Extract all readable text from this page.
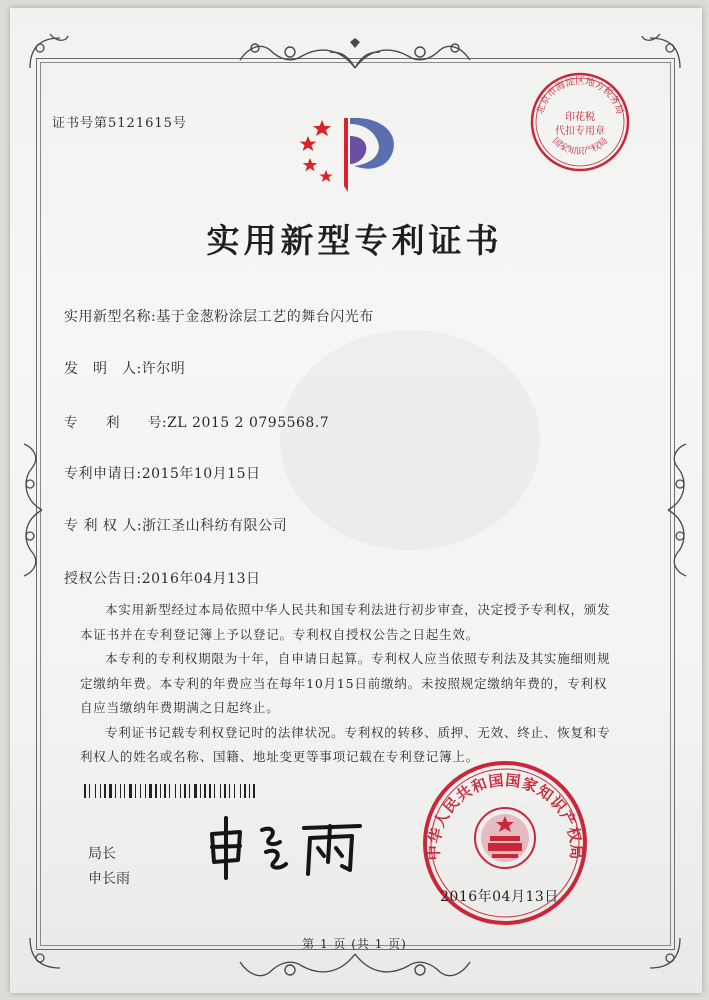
证书号第5121615号
北京市海淀区地方税务局
印花税
代扣专用章
国家知识产权局
实用新型专利证书
实用新型名称:基于金葱粉涂层工艺的舞台闪光布
发　明　人:许尔明
专　　利　　号:ZL 2015 2 0795568.7
专利申请日:2015年10月15日
专 利 权 人:浙江圣山科纺有限公司
授权公告日:2016年04月13日

本实用新型经过本局依照中华人民共和国专利法进行初步审查，决定授予专利权，颁发本证书并在专利登记簿上予以登记。专利权自授权公告之日起生效。

本专利的专利权期限为十年，自申请日起算。专利权人应当依照专利法及其实施细则规定缴纳年费。本专利的年费应当在每年10月15日前缴纳。未按照规定缴纳年费的，专利权自应当缴纳年费期满之日起终止。

专利证书记载专利权登记时的法律状况。专利权的转移、质押、无效、终止、恢复和专利权人的姓名或名称、国籍、地址变更等事项记载在专利登记簿上。

局长
申长雨
中华人民共和国国家知识产权局
2016年04月13日
第 1 页 (共 1 页)
